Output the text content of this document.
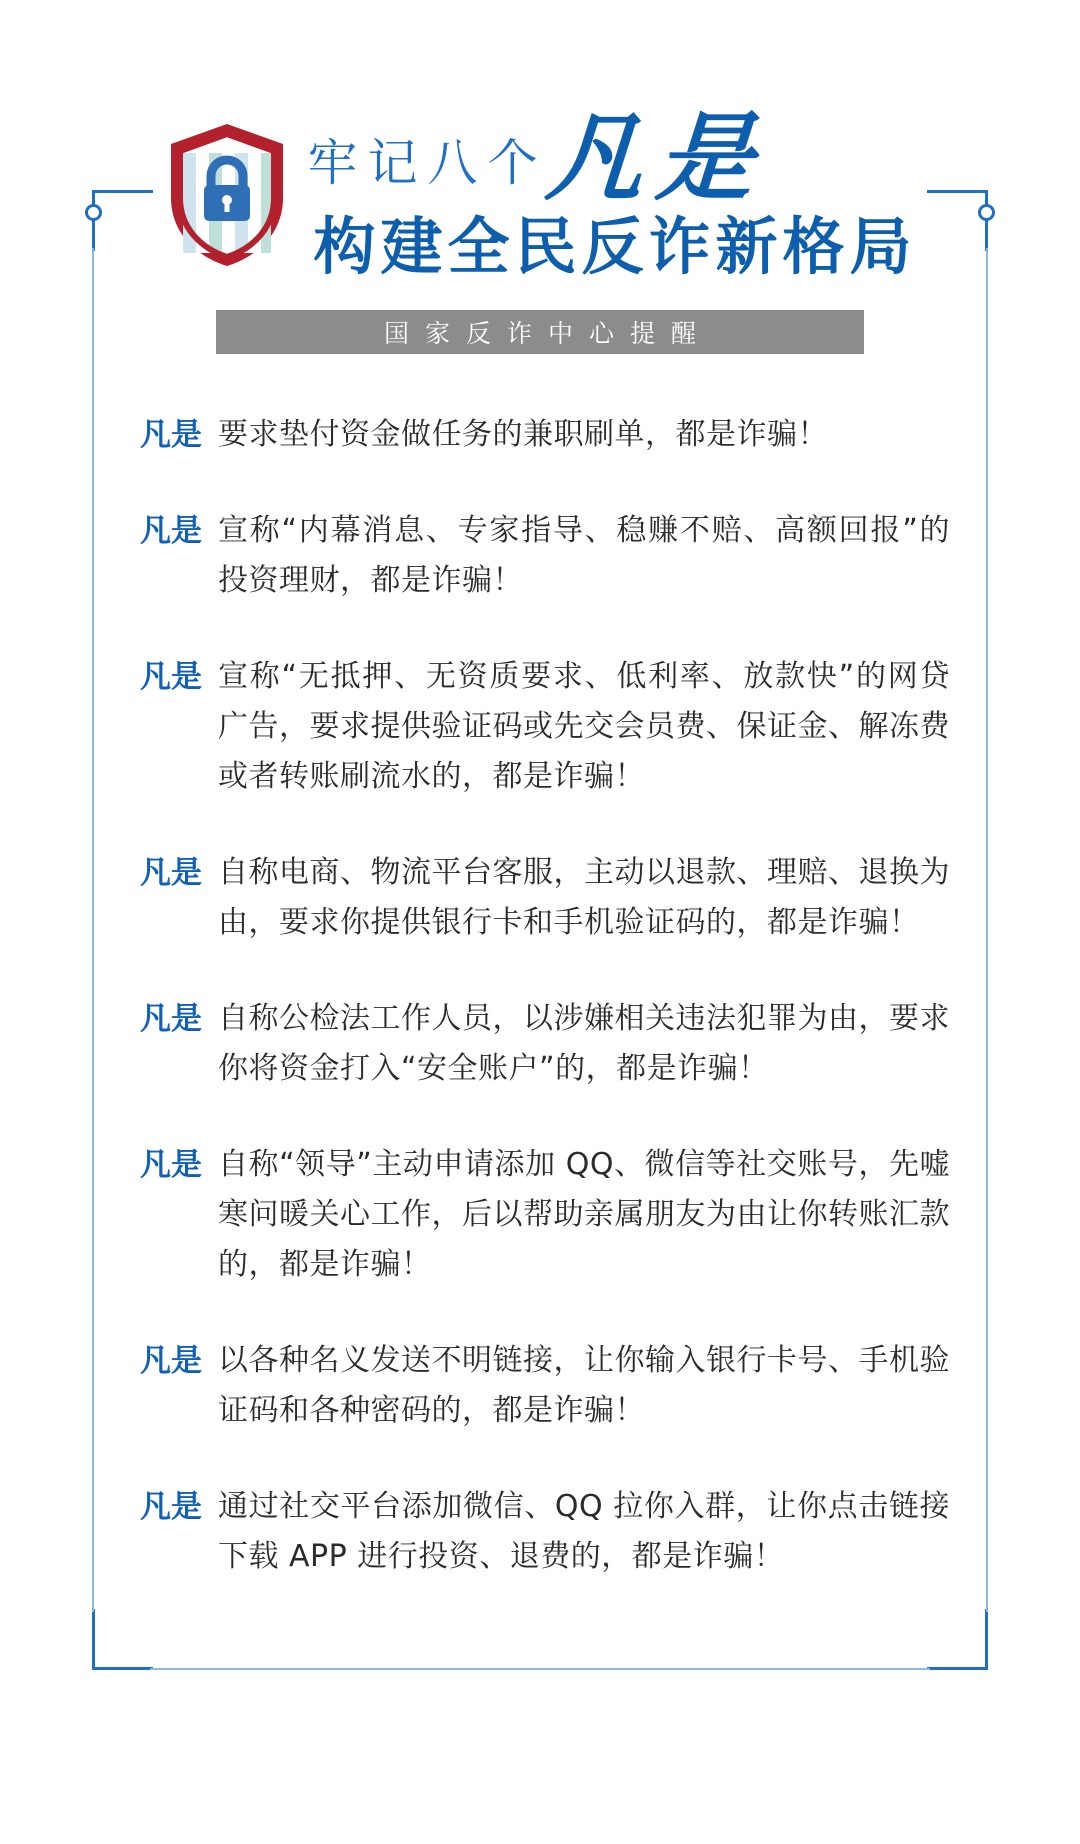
牢记八个
凡是
构建全民反诈新格局
国家反诈中心提醒
凡是 要求垫付资金做任务的兼职刷单，都是诈骗！
凡是 宣称“内幕消息、专家指导、稳赚不赔、高额回报”的投资理财，都是诈骗！
凡是 宣称“无抵押、无资质要求、低利率、放款快”的网贷广告，要求提供验证码或先交会员费、保证金、解冻费或者转账刷流水的，都是诈骗！
凡是 自称电商、物流平台客服，主动以退款、理赔、退换为由，要求你提供银行卡和手机验证码的，都是诈骗！
凡是 自称公检法工作人员，以涉嫌相关违法犯罪为由，要求你将资金打入“安全账户”的，都是诈骗！
凡是 自称“领导”主动申请添加 QQ、微信等社交账号，先嘘寒问暖关心工作，后以帮助亲属朋友为由让你转账汇款的，都是诈骗！
凡是 以各种名义发送不明链接，让你输入银行卡号、手机验证码和各种密码的，都是诈骗！
凡是 通过社交平台添加微信、QQ 拉你入群，让你点击链接下载 APP 进行投资、退费的，都是诈骗！
